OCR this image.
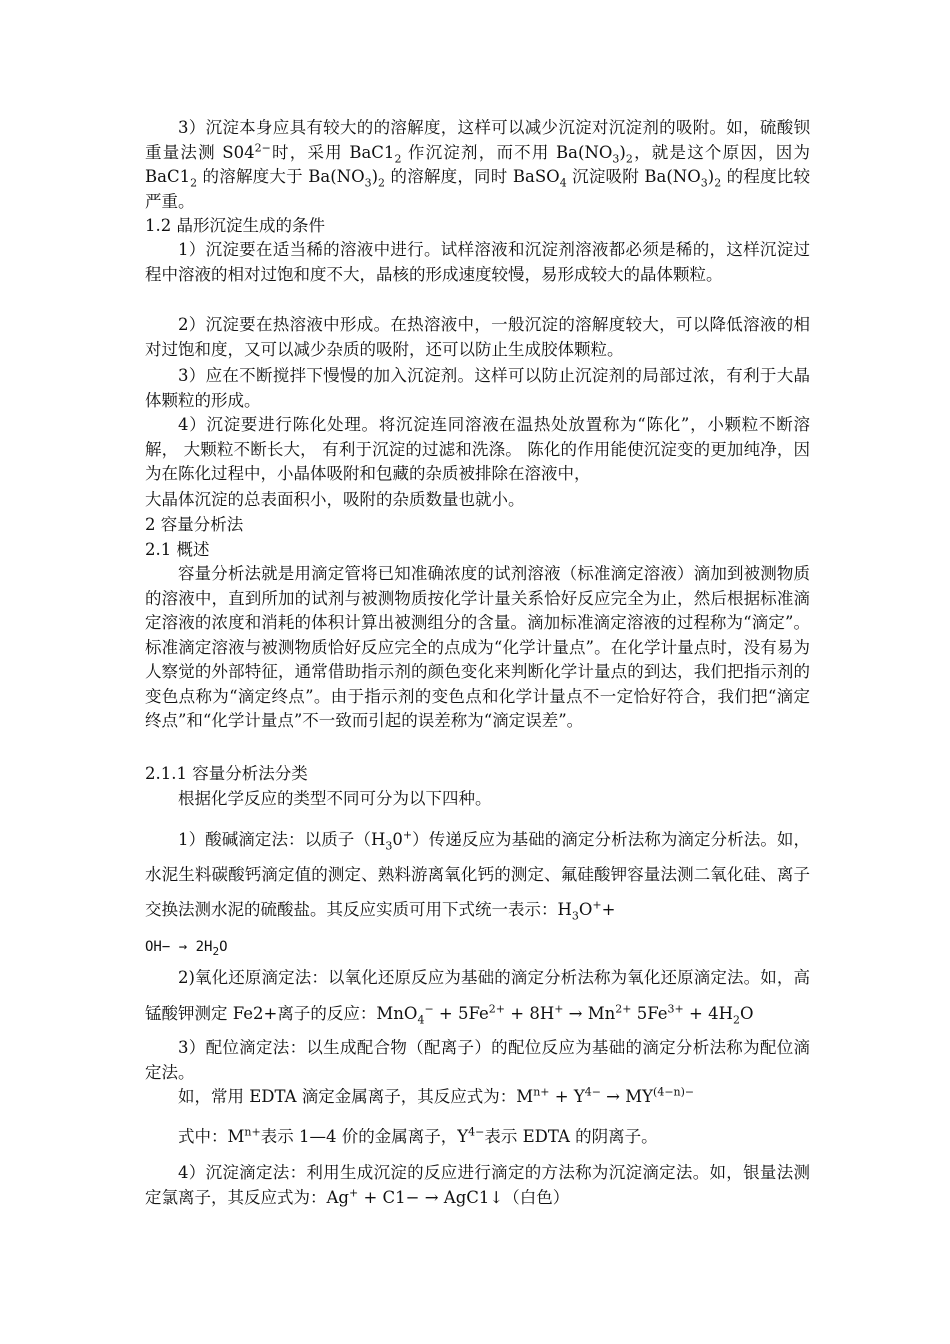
3）沉淀本身应具有较大的的溶解度，这样可以减少沉淀对沉淀剂的吸附。如，硫酸钡重量法测 $S04^{2-}$时，采用 $BaC1_2$ 作沉淀剂，而不用 $Ba(NO_3)_2$，就是这个原因，因为 $BaC1_2$ 的溶解度大于 $Ba(NO_3)_2$ 的溶解度，同时 BaSO$_4$ 沉淀吸附 $Ba(NO_3)_2$ 的程度比较严重。

1.2 晶形沉淀生成的条件

1）沉淀要在适当稀的溶液中进行。试样溶液和沉淀剂溶液都必须是稀的，这样沉淀过程中溶液的相对过饱和度不大，晶核的形成速度较慢，易形成较大的晶体颗粒。

2）沉淀要在热溶液中形成。在热溶液中，一般沉淀的溶解度较大，可以降低溶液的相对过饱和度，又可以减少杂质的吸附，还可以防止生成胶体颗粒。

3）应在不断搅拌下慢慢的加入沉淀剂。这样可以防止沉淀剂的局部过浓，有利于大晶体颗粒的形成。

4）沉淀要进行陈化处理。将沉淀连同溶液在温热处放置称为“陈化”，小颗粒不断溶解， 大颗粒不断长大， 有利于沉淀的过滤和洗涤。 陈化的作用能使沉淀变的更加纯净，因为在陈化过程中，小晶体吸附和包藏的杂质被排除在溶液中，

大晶体沉淀的总表面积小，吸附的杂质数量也就小。

2 容量分析法

2.1 概述

容量分析法就是用滴定管将已知准确浓度的试剂溶液（标准滴定溶液）滴加到被测物质的溶液中，直到所加的试剂与被测物质按化学计量关系恰好反应完全为止，然后根据标准滴定溶液的浓度和消耗的体积计算出被测组分的含量。滴加标准滴定溶液的过程称为“滴定”。标准滴定溶液与被测物质恰好反应完全的点成为“化学计量点”。在化学计量点时，没有易为人察觉的外部特征，通常借助指示剂的颜色变化来判断化学计量点的到达，我们把指示剂的变色点称为“滴定终点”。由于指示剂的变色点和化学计量点不一定恰好符合，我们把“滴定终点”和“化学计量点”不一致而引起的误差称为“滴定误差”。

2.1.1 容量分析法分类

根据化学反应的类型不同可分为以下四种。

1）酸碱滴定法：以质子$(H_30^+)$传递反应为基础的滴定分析法称为滴定分析法。如，水泥生料碳酸钙滴定值的测定、熟料游离氧化钙的测定、氟硅酸钾容量法测二氧化硅、离子交换法测水泥的硫酸盐。其反应实质可用下式统一表示：$H_3O^++$

$OH- \to 2H_2O$

2)氧化还原滴定法：以氧化还原反应为基础的滴定分析法称为氧化还原滴定法。如，高锰酸钾测定 Fe2+离子的反应：$MnO_4^- + 5Fe^{2+} + 8H^+ \to Mn^{2+}$ $5Fe^{3+} + 4H_2O$

3）配位滴定法：以生成配合物（配离子）的配位反应为基础的滴定分析法称为配位滴定法。

如，常用 EDTA 滴定金属离子，其反应式为：$M^{n+} + Y^{4-} \to MY^{(4-n)-}$

式中：$M^{n+}$表示 1—4 价的金属离子，$Y^{4-}$表示 EDTA 的阴离子。

4）沉淀滴定法：利用生成沉淀的反应进行滴定的方法称为沉淀滴定法。如，银量法测定氯离子，其反应式为：Ag+ + C1− → AgC1↓（白色）
